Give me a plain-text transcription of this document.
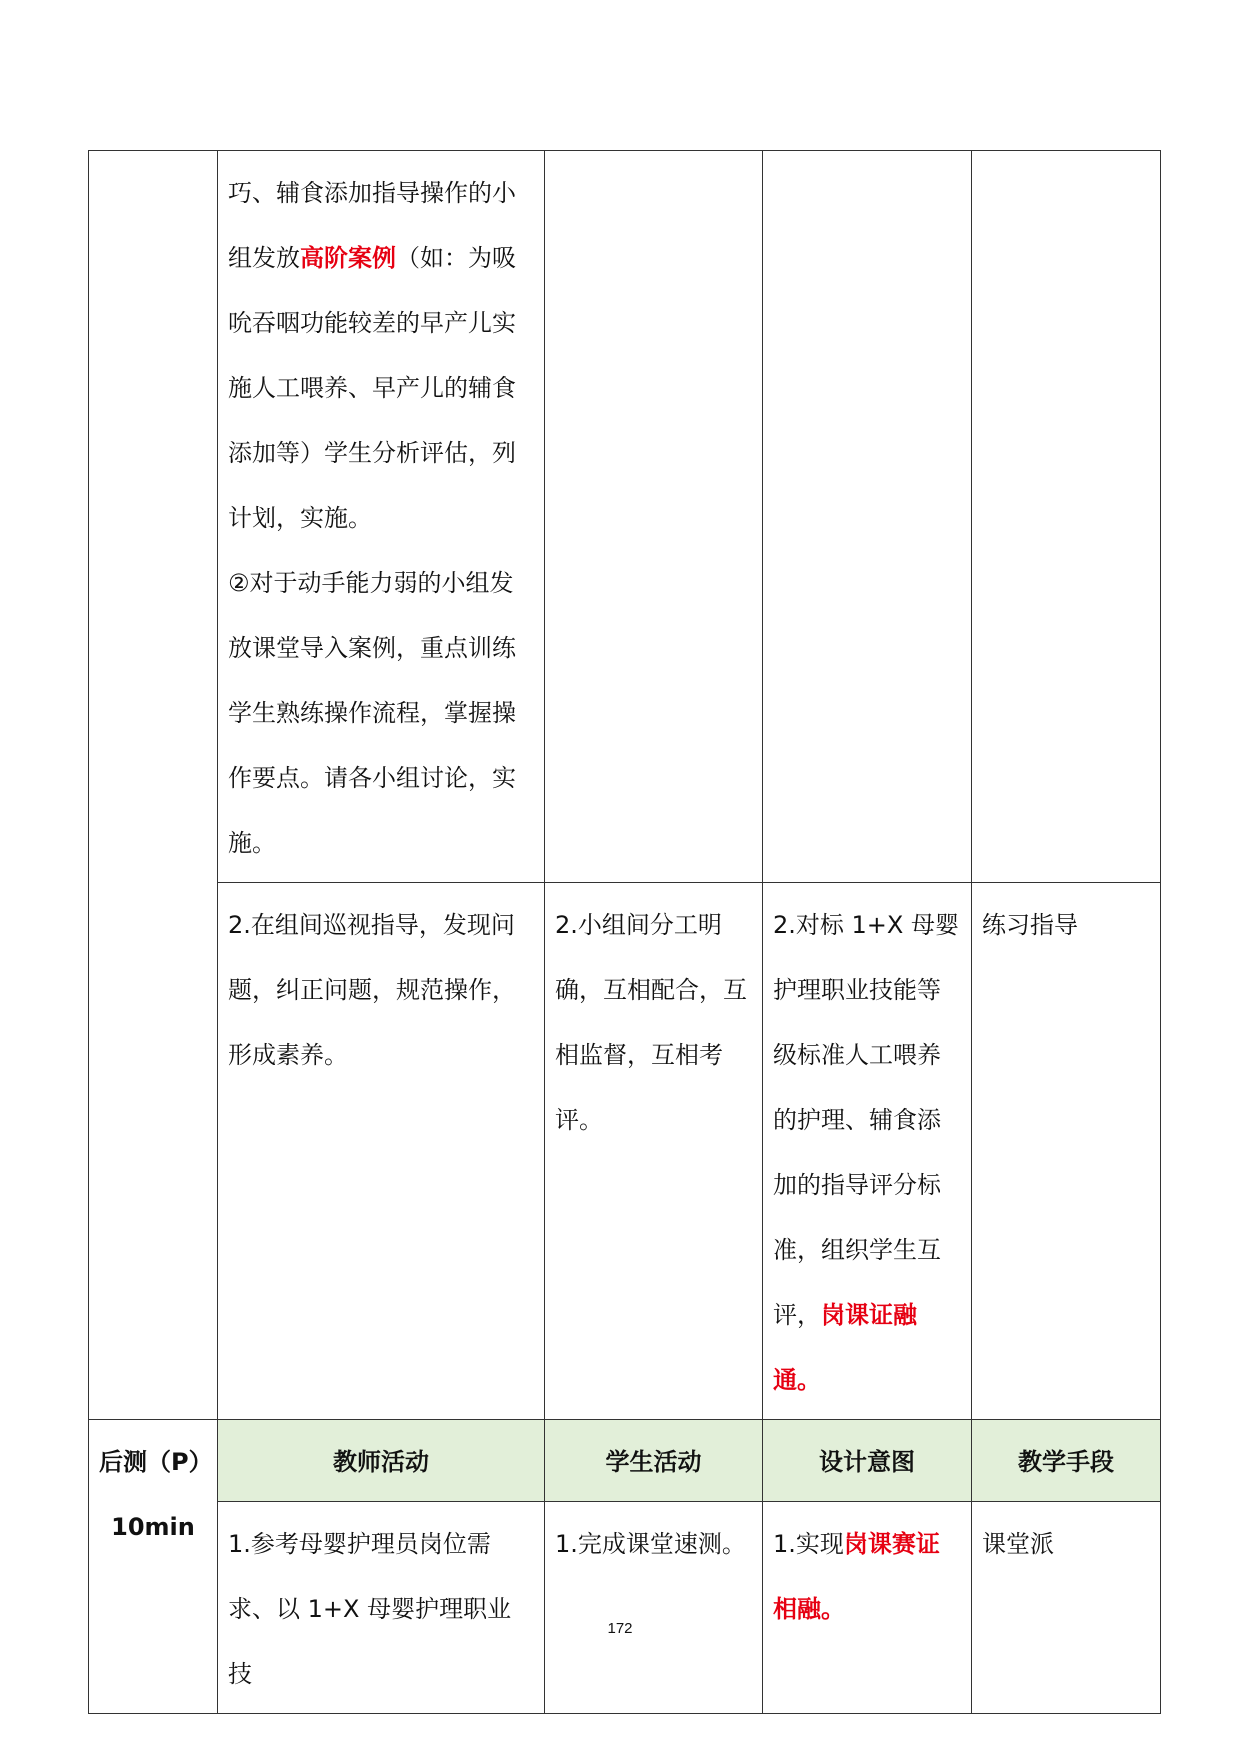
	巧、辅食添加指导操作的小组发放高阶案例（如：为吸吮吞咽功能较差的早产儿实施人工喂养、早产儿的辅食添加等）学生分析评估，列计划，实施。
②对于动手能力弱的小组发放课堂导入案例，重点训练学生熟练操作流程，掌握操作要点。请各小组讨论，实施。			

	2.在组间巡视指导，发现问题，纠正问题，规范操作，形成素养。	2.小组间分工明确，互相配合，互相监督，互相考评。	2.对标 1+X 母婴护理职业技能等级标准人工喂养的护理、辅食添加的指导评分标准，组织学生互评，岗课证融通。	练习指导

后测（P）
10min	教师活动	学生活动	设计意图	教学手段
	1.参考母婴护理员岗位需求、以 1+X 母婴护理职业技	1.完成课堂速测。	1.实现岗课赛证相融。	课堂派
172
